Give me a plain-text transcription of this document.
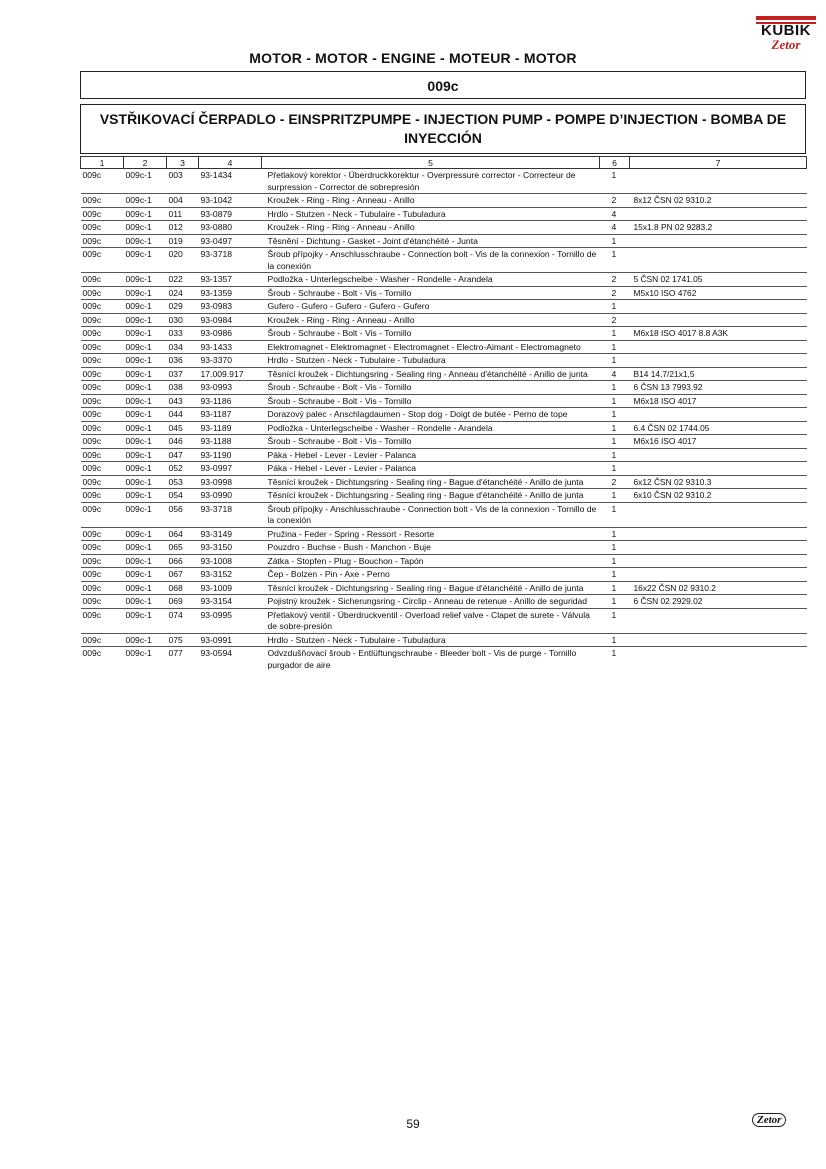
KUBIK
Zetor
MOTOR - MOTOR - ENGINE - MOTEUR - MOTOR
009c
VSTŘIKOVACÍ ČERPADLO - EINSPRITZPUMPE - INJECTION PUMP - POMPE D’INJECTION - BOMBA DE
INYECCIÓN
1	2	3	4	5	6	7
009c	009c-1	003	93-1434	Přetlakový korektor - Überdruckkorektur - Overpressure corrector - Correcteur de surpression - Corrector de sobrepresión	1	
009c	009c-1	004	93-1042	Kroužek - Ring - Ring - Anneau - Anillo	2	8x12 ČSN 02 9310.2
009c	009c-1	011	93-0879	Hrdlo - Stutzen - Neck - Tubulaire - Tubuladura	4	
009c	009c-1	012	93-0880	Kroužek - Ring - Ring - Anneau - Anillo	4	15x1.8 PN 02 9283.2
009c	009c-1	019	93-0497	Těsnění - Dichtung - Gasket - Joint d'étanchéité - Junta	1	
009c	009c-1	020	93-3718	Šroub přípojky - Anschlusschraube - Connection bolt - Vis de la connexion - Tornillo de la conexión	1	
009c	009c-1	022	93-1357	Podložka - Unterlegscheibe - Washer - Rondelle - Arandela	2	5 ČSN 02 1741.05
009c	009c-1	024	93-1359	Šroub - Schraube - Bolt - Vis - Tornillo	2	M5x10 ISO 4762
009c	009c-1	029	93-0983	Gufero - Gufero - Gufero - Gufero - Gufero	1	
009c	009c-1	030	93-0984	Kroužek - Ring - Ring - Anneau - Anillo	2	
009c	009c-1	033	93-0986	Šroub - Schraube - Bolt - Vis - Tornillo	1	M6x18 ISO 4017 8.8 A3K
009c	009c-1	034	93-1433	Elektromagnet - Elektromagnet - Electromagnet - Electro-Aimant - Electromagneto	1	
009c	009c-1	036	93-3370	Hrdlo - Stutzen - Neck - Tubulaire - Tubuladura	1	
009c	009c-1	037	17.009.917	Těsnící kroužek - Dichtungsring - Sealing ring - Anneau d'étanchéité - Anillo de junta	4	B14 14,7/21x1,5
009c	009c-1	038	93-0993	Šroub - Schraube - Bolt - Vis - Tornillo	1	6 ČSN 13 7993.92
009c	009c-1	043	93-1186	Šroub - Schraube - Bolt - Vis - Tornillo	1	M6x18 ISO 4017
009c	009c-1	044	93-1187	Dorazový palec - Anschlagdaumen - Stop dog - Doigt de butée - Perno de tope	1	
009c	009c-1	045	93-1189	Podložka - Unterlegscheibe - Washer - Rondelle - Arandela	1	6.4 ČSN 02 1744.05
009c	009c-1	046	93-1188	Šroub - Schraube - Bolt - Vis - Tornillo	1	M6x16 ISO 4017
009c	009c-1	047	93-1190	Páka - Hebel - Lever - Levier - Palanca	1	
009c	009c-1	052	93-0997	Páka - Hebel - Lever - Levier - Palanca	1	
009c	009c-1	053	93-0998	Těsnící kroužek - Dichtungsring - Sealing ring - Bague d'étanchéité - Anillo de junta	2	6x12 ČSN 02 9310.3
009c	009c-1	054	93-0990	Těsnící kroužek - Dichtungsring - Sealing ring - Bague d'étanchéité - Anillo de junta	1	6x10 ČSN 02 9310.2
009c	009c-1	056	93-3718	Šroub přípojky - Anschlusschraube - Connection bolt - Vis de la connexion - Tornillo de la conexión	1	
009c	009c-1	064	93-3149	Pružina - Feder - Spring - Ressort - Resorte	1	
009c	009c-1	065	93-3150	Pouzdro - Buchse - Bush - Manchon - Buje	1	
009c	009c-1	066	93-1008	Zátka - Stopfen - Plug - Bouchon - Tapón	1	
009c	009c-1	067	93-3152	Čep - Bolzen - Pin - Axe - Perno	1	
009c	009c-1	068	93-1009	Těsnící kroužek - Dichtungsring - Sealing ring - Bague d'étanchéité - Anillo de junta	1	16x22 ČSN 02 9310.2
009c	009c-1	069	93-3154	Pojistný kroužek - Sicherungsring - Circlip - Anneau de retenue - Anillo de seguridad	1	6 ČSN 02 2929.02
009c	009c-1	074	93-0995	Přetlakový ventil - Überdruckventil - Overload relief valve - Clapet de surete - Válvula de sobre-presión	1	
009c	009c-1	075	93-0991	Hrdlo - Stutzen - Neck - Tubulaire - Tubuladura	1	
009c	009c-1	077	93-0594	Odvzdušňovací šroub - Entlüftungschraube - Bleeder bolt - Vis de purge - Tornillo purgador de aire	1	
59	Zetor
